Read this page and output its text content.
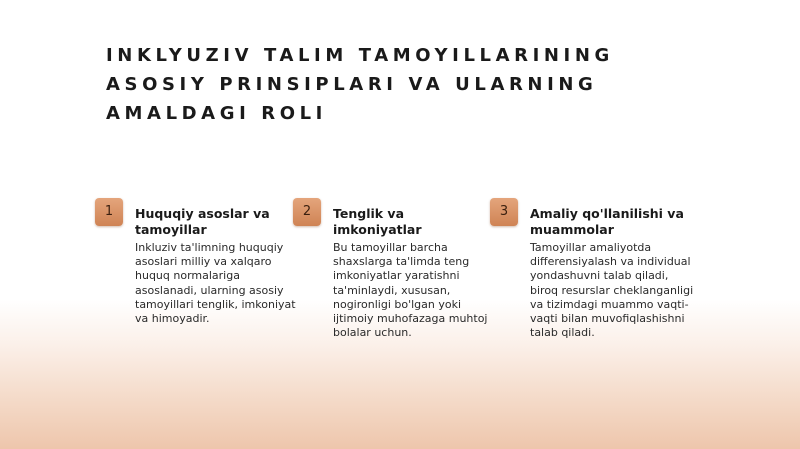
INKLYUZIV TALIM TAMOYILLARINING
ASOSIY PRINSIPLARI VA ULARNING
AMALDAGI ROLI
1	Huquqiy asoslar va
tamoyillar

Inkluziv ta'limning huquqiy
asoslari milliy va xalqaro
huquq normalariga
asoslanadi, ularning asosiy
tamoyillari tenglik, imkoniyat
va himoyadir.

2	Tenglik va
imkoniyatlar

Bu tamoyillar barcha
shaxslarga ta'limda teng
imkoniyatlar yaratishni
ta'minlaydi, xususan,
nogironligi bo'lgan yoki
ijtimoiy muhofazaga muhtoj
bolalar uchun.

3	Amaliy qo'llanilishi va
muammolar

Tamoyillar amaliyotda
differensiyalash va individual
yondashuvni talab qiladi,
biroq resurslar cheklanganligi
va tizimdagi muammo vaqti-
vaqti bilan muvofiqlashishni
talab qiladi.
